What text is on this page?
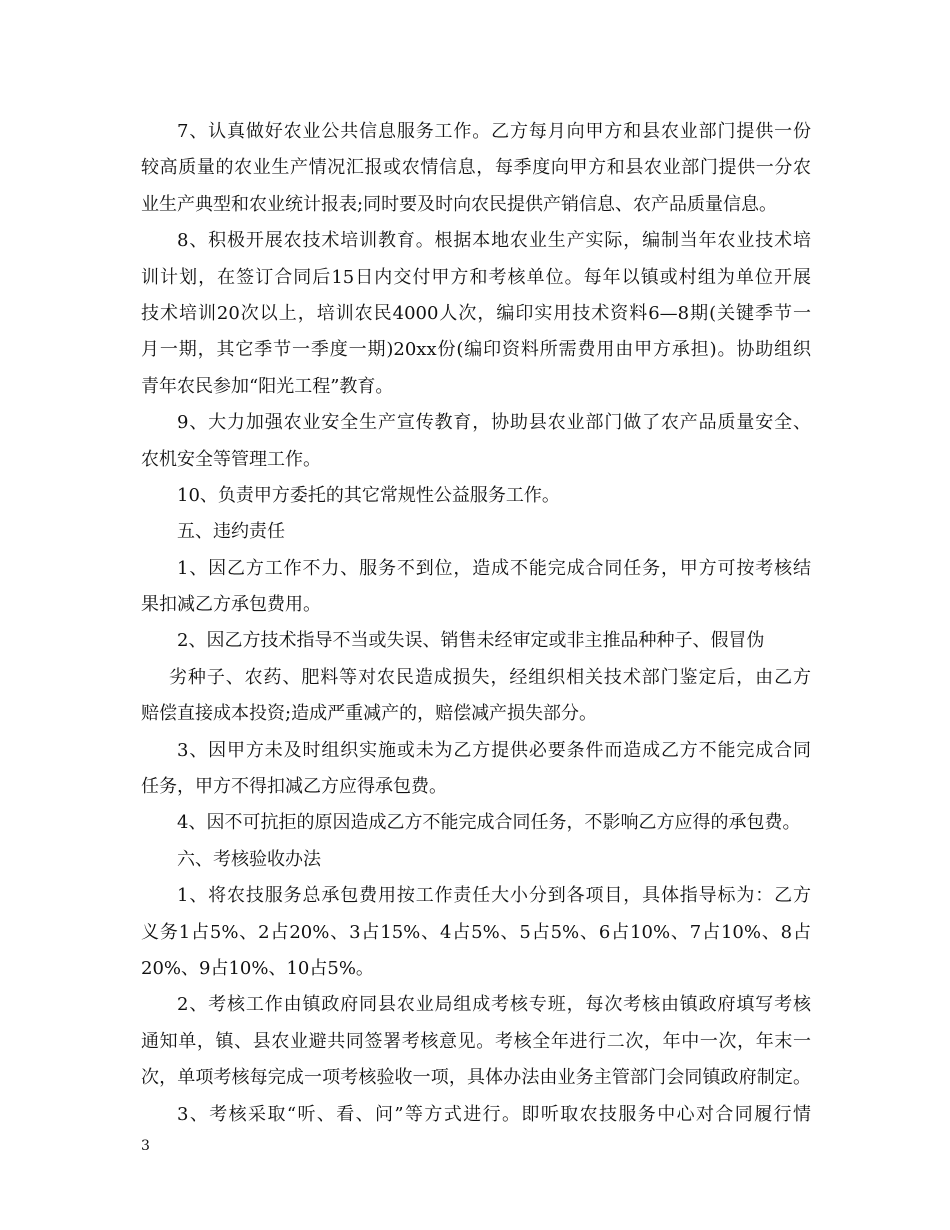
7、认真做好农业公共信息服务工作。乙方每月向甲方和县农业部门提供一份
较高质量的农业生产情况汇报或农情信息，每季度向甲方和县农业部门提供一分农
业生产典型和农业统计报表;同时要及时向农民提供产销信息、农产品质量信息。
8、积极开展农技术培训教育。根据本地农业生产实际，编制当年农业技术培
训计划，在签订合同后15日内交付甲方和考核单位。每年以镇或村组为单位开展
技术培训20次以上，培训农民4000人次，编印实用技术资料6—8期(关键季节一
月一期，其它季节一季度一期)20xx份(编印资料所需费用由甲方承担)。协助组织
青年农民参加“阳光工程”教育。
9、大力加强农业安全生产宣传教育，协助县农业部门做了农产品质量安全、
农机安全等管理工作。
10、负责甲方委托的其它常规性公益服务工作。
五、违约责任
1、因乙方工作不力、服务不到位，造成不能完成合同任务，甲方可按考核结
果扣减乙方承包费用。
2、因乙方技术指导不当或失误、销售未经审定或非主推品种种子、假冒伪
劣种子、农药、肥料等对农民造成损失，经组织相关技术部门鉴定后，由乙方
赔偿直接成本投资;造成严重减产的，赔偿减产损失部分。
3、因甲方未及时组织实施或未为乙方提供必要条件而造成乙方不能完成合同
任务，甲方不得扣减乙方应得承包费。
4、因不可抗拒的原因造成乙方不能完成合同任务，不影响乙方应得的承包费。
六、考核验收办法
1、将农技服务总承包费用按工作责任大小分到各项目，具体指导标为：乙方
义务1占5%、2占20%、3占15%、4占5%、5占5%、6占10%、7占10%、8占
20%、9占10%、10占5%。
2、考核工作由镇政府同县农业局组成考核专班，每次考核由镇政府填写考核
通知单，镇、县农业避共同签署考核意见。考核全年进行二次，年中一次，年末一
次，单项考核每完成一项考核验收一项，具体办法由业务主管部门会同镇政府制定。
3、考核采取“听、看、问”等方式进行。即听取农技服务中心对合同履行情
3
